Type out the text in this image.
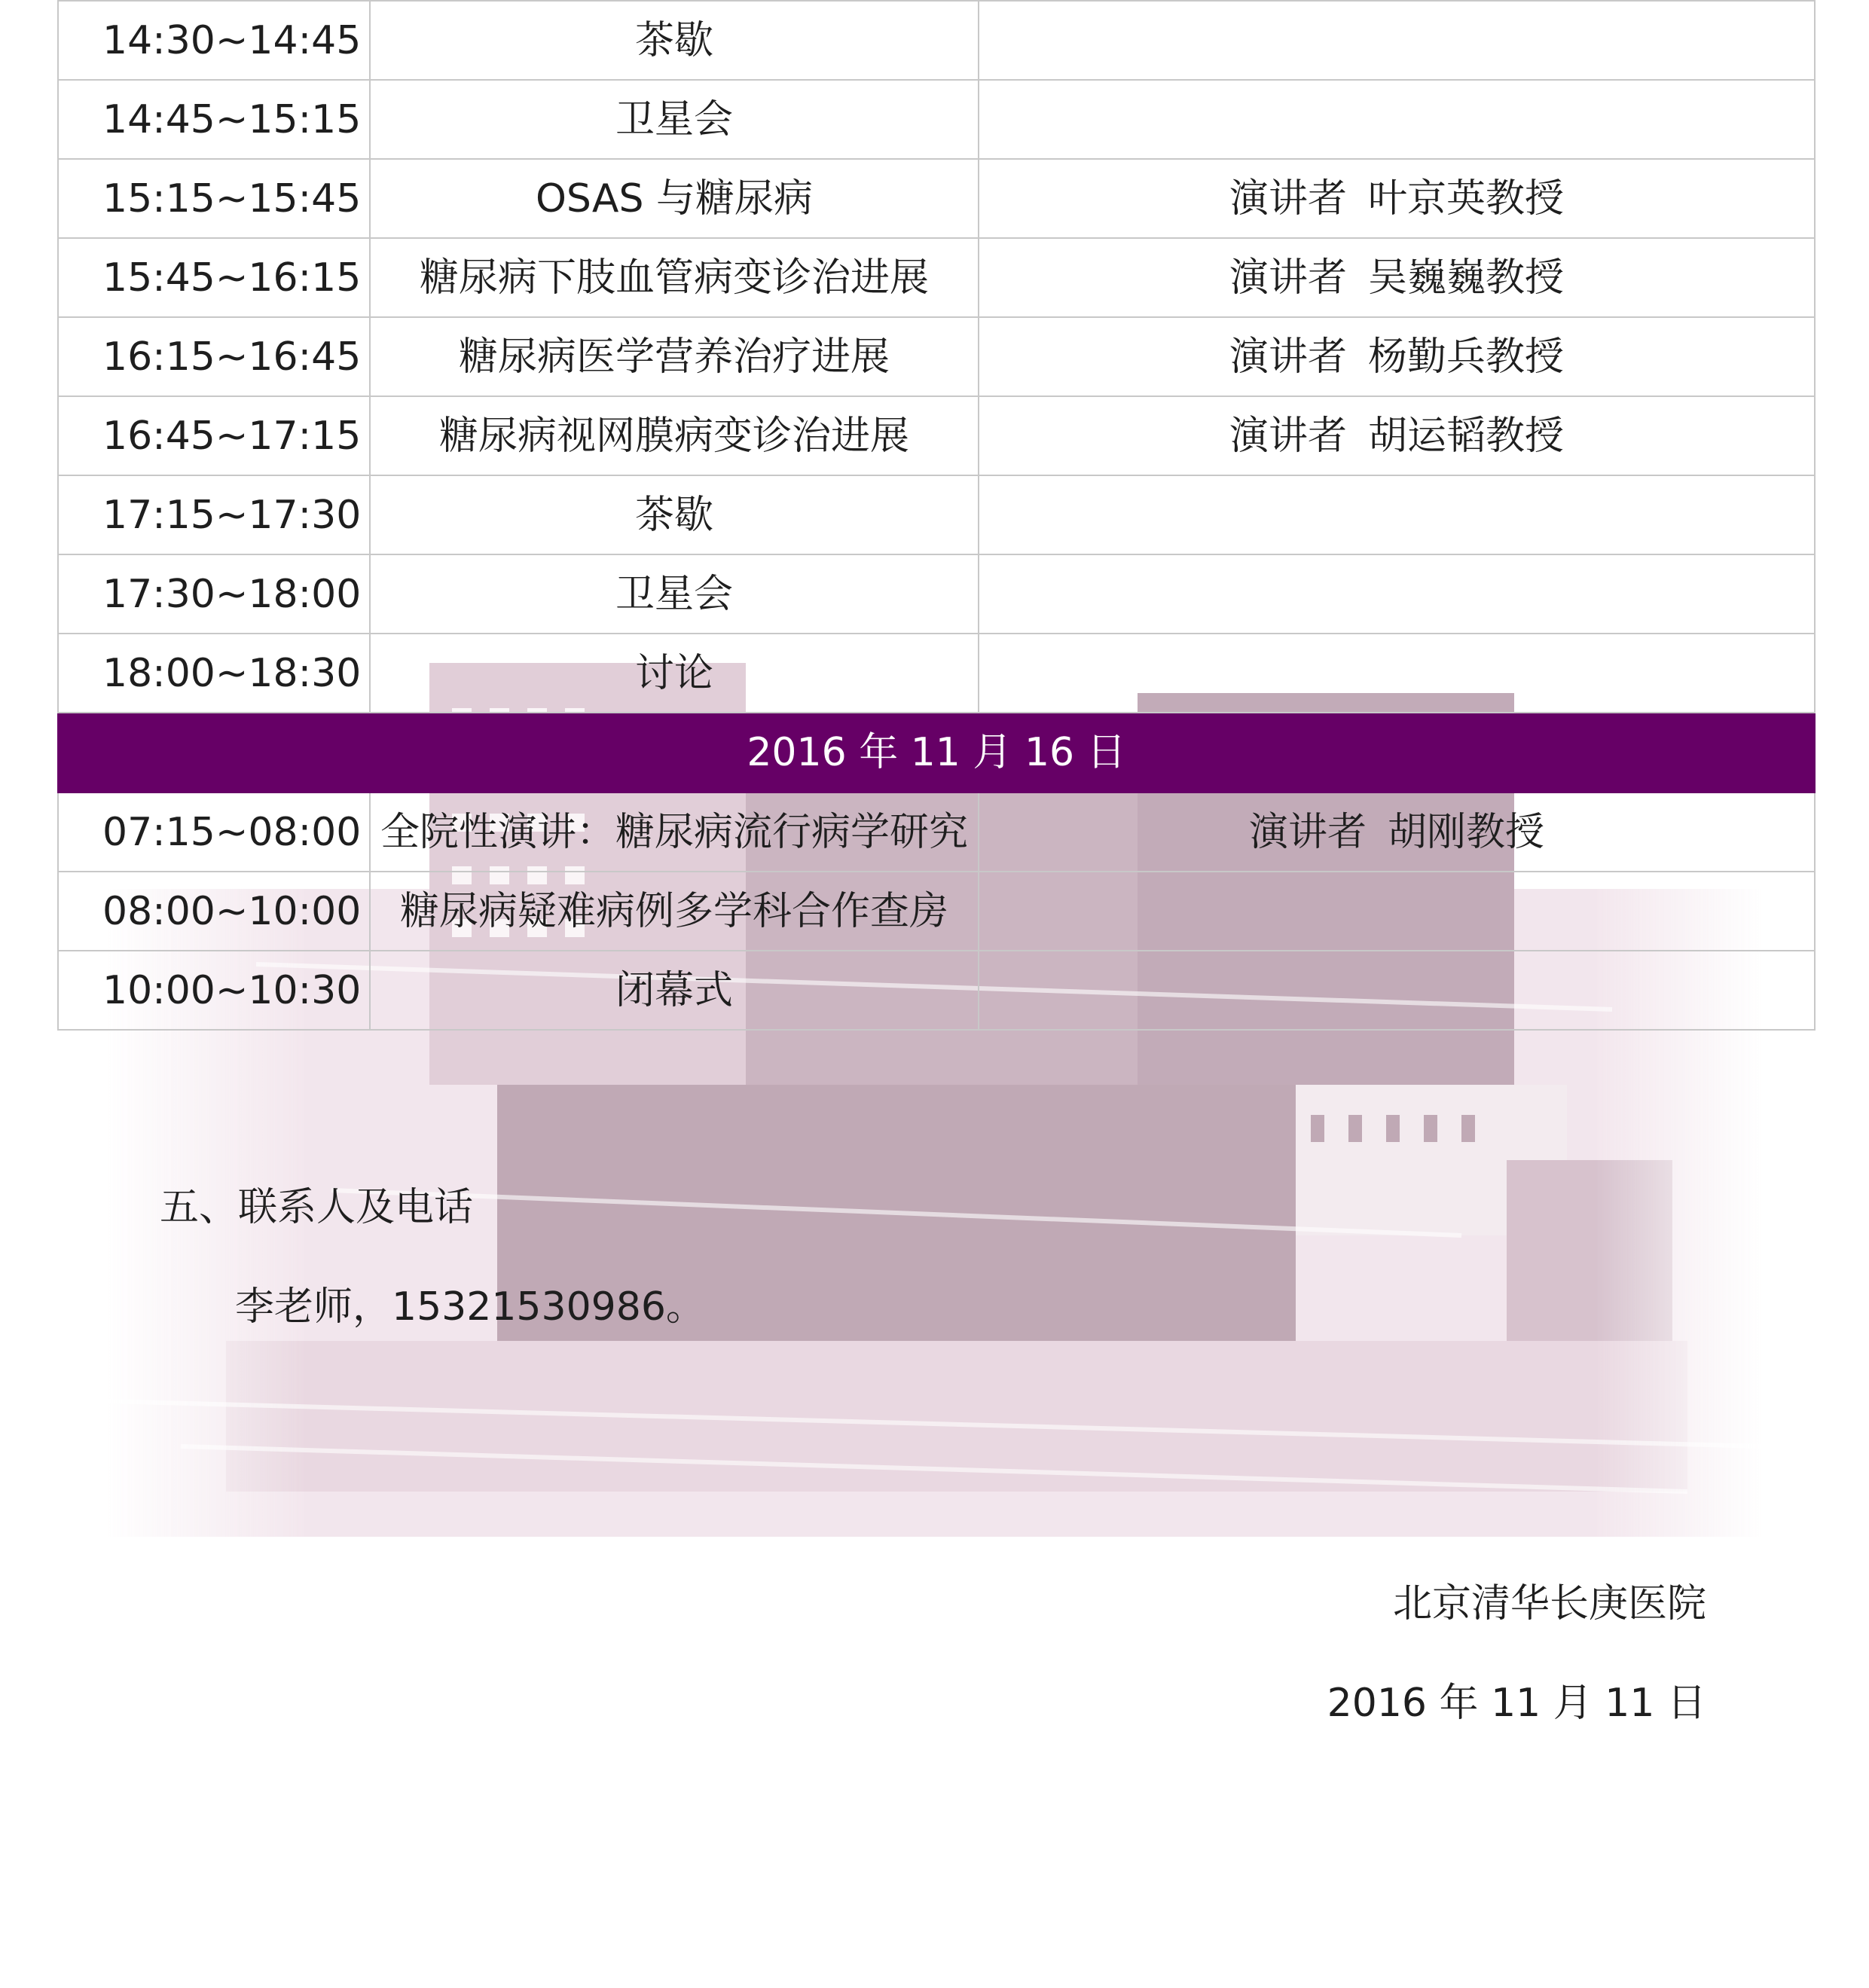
14:30~14:45	茶歇	
14:45~15:15	卫星会	
15:15~15:45	OSAS 与糖尿病	演讲者 叶京英教授
15:45~16:15	糖尿病下肢血管病变诊治进展	演讲者 吴巍巍教授
16:15~16:45	糖尿病医学营养治疗进展	演讲者 杨勤兵教授
16:45~17:15	糖尿病视网膜病变诊治进展	演讲者 胡运韬教授
17:15~17:30	茶歇	
17:30~18:00	卫星会	
18:00~18:30	讨论	
2016 年 11 月 16 日		
07:15~08:00	全院性演讲：糖尿病流行病学研究	演讲者 胡刚教授
08:00~10:00	糖尿病疑难病例多学科合作查房	
10:00~10:30	闭幕式	
五、联系人及电话
李老师，15321530986。
北京清华长庚医院
2016 年 11 月 11 日
